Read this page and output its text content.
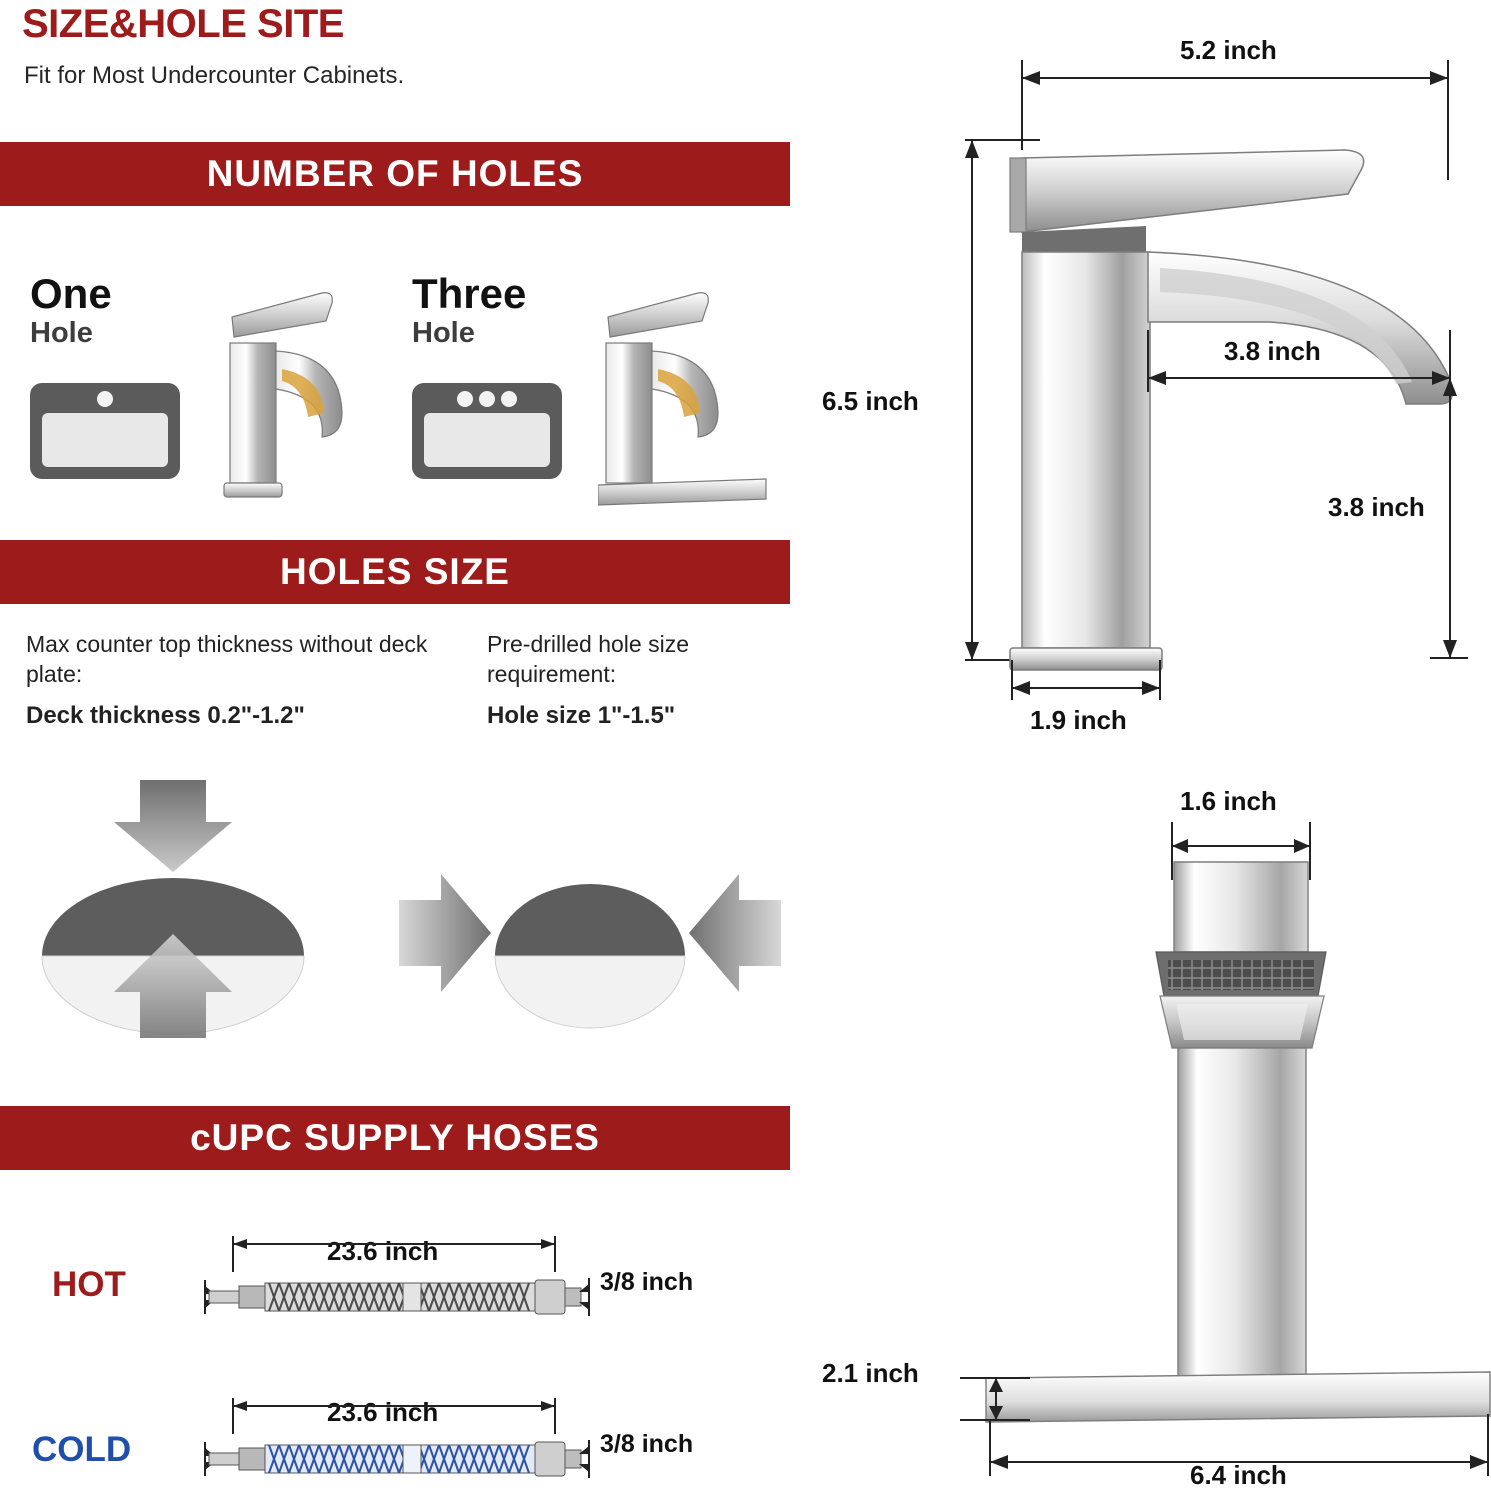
SIZE&HOLE SITE
Fit for Most Undercounter Cabinets.
NUMBER OF HOLES
One
Hole
Three
Hole
HOLES SIZE
Max counter top thickness without deck plate:
Deck thickness 0.2"-1.2"
Pre-drilled hole size requirement:
Hole size 1"-1.5"
cUPC SUPPLY HOSES
HOT
23.6 inch
3/8 inch
COLD
23.6 inch
3/8 inch
5.2 inch
6.5 inch
3.8 inch
3.8 inch
1.9 inch
1.6 inch
2.1 inch
6.4 inch
